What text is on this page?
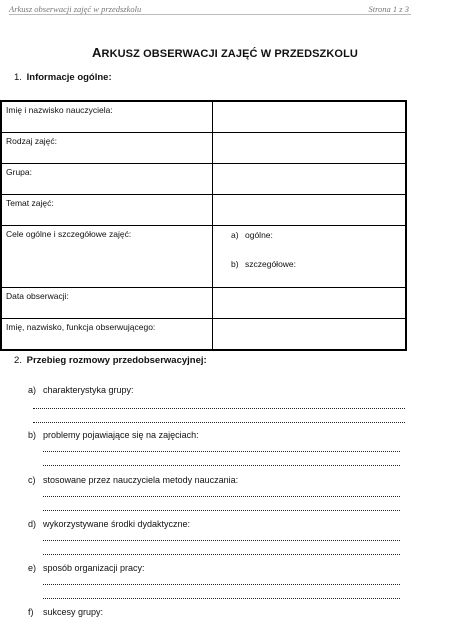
Arkusz obserwacji zajęć w przedszkolu	Strona 1 z 3
ARKUSZ OBSERWACJI ZAJĘĆ W PRZEDSZKOLU
1. Informacje ogólne:
Imię i nazwisko nauczyciela:	
Rodzaj zajęć:	
Grupa:	
Temat zajęć:	
Cele ogólne i szczegółowe zajęć:	a) ogólne:
b) szczegółowe:

Data obserwacji:	
Imię, nazwisko, funkcja obserwującego:	
2. Przebieg rozmowy przedobserwacyjnej:
a) charakterystyka grupy:
b) problemy pojawiające się na zajęciach:
c) stosowane przez nauczyciela metody nauczania:
d) wykorzystywane środki dydaktyczne:
e) sposób organizacji pracy:
f) sukcesy grupy:
